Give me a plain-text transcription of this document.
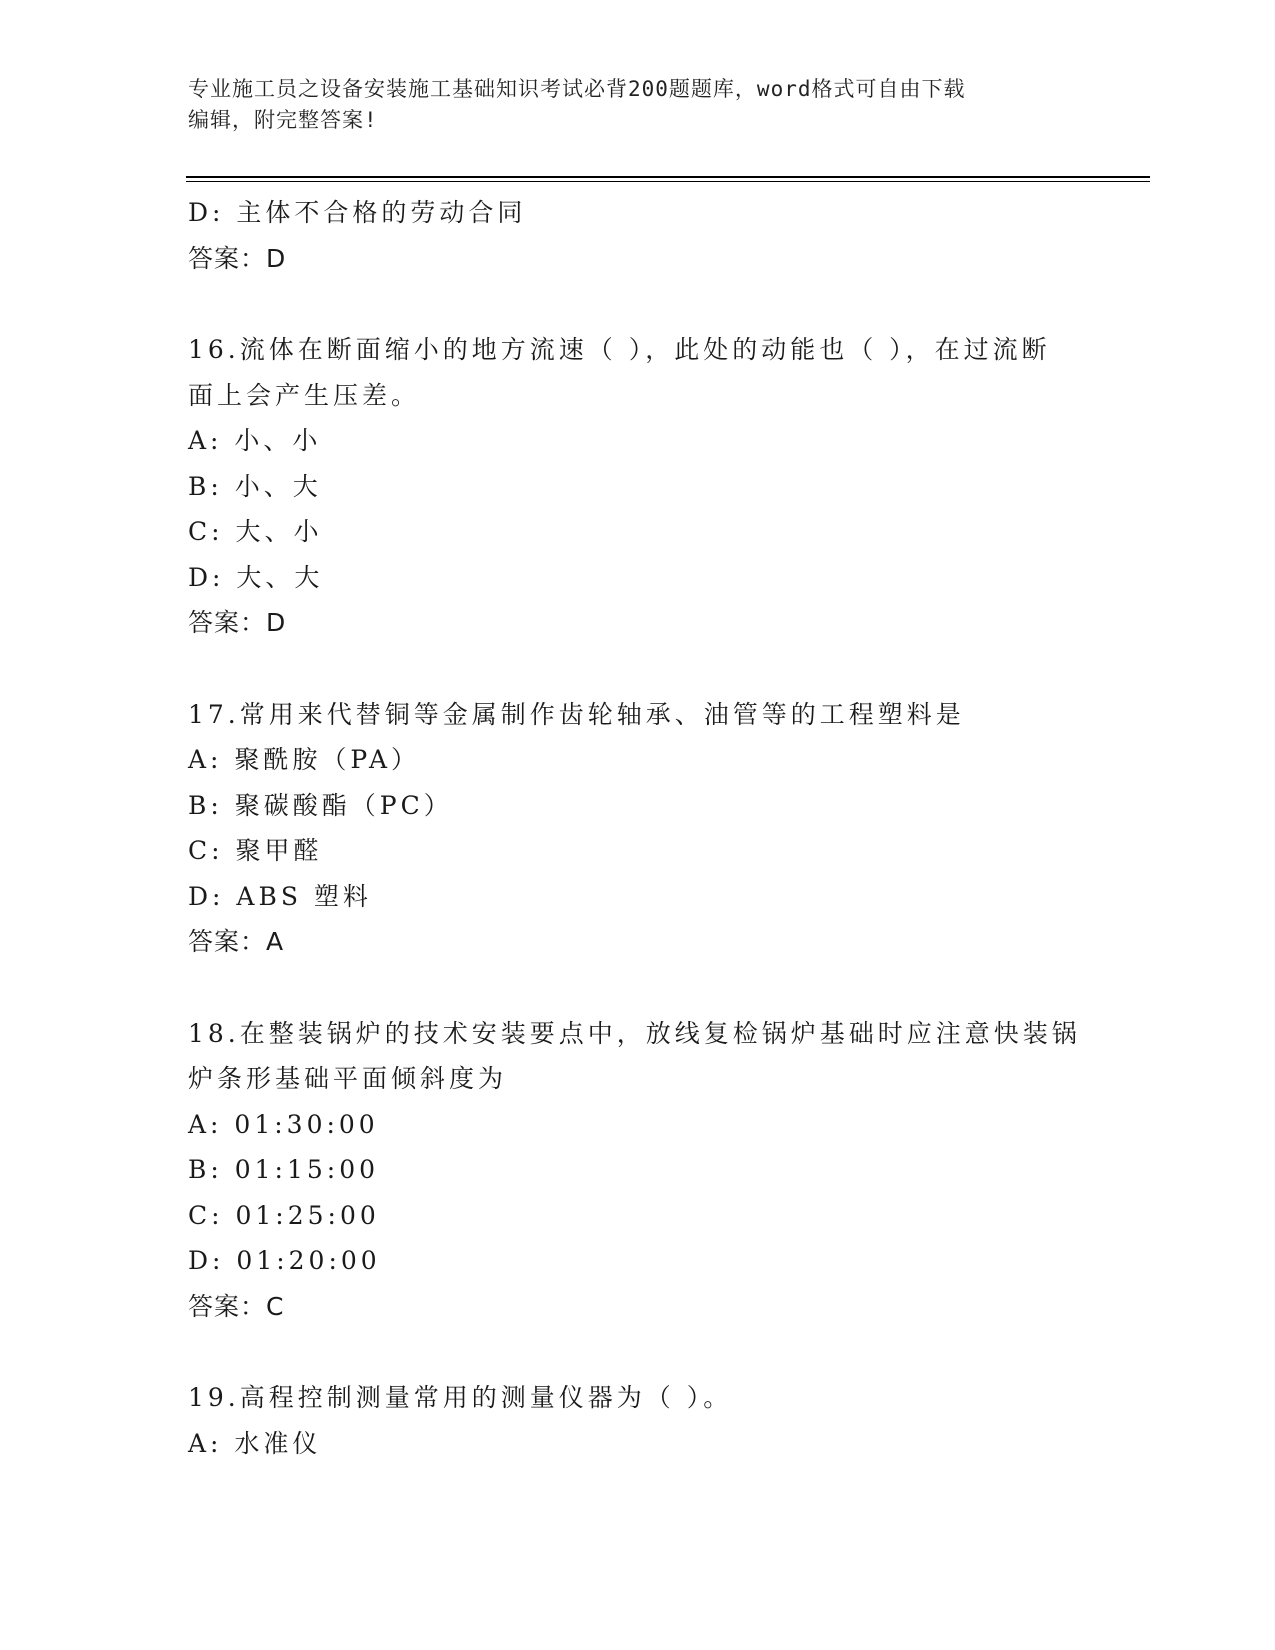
专业施工员之设备安装施工基础知识考试必背200题题库，word格式可自由下载
编辑，附完整答案!
D: 主体不合格的劳动合同
答案：D
16.流体在断面缩小的地方流速（ ），此处的动能也（ ），在过流断
面上会产生压差。
A: 小、小
B: 小、大
C: 大、小
D: 大、大
答案：D
17.常用来代替铜等金属制作齿轮轴承、油管等的工程塑料是
A: 聚酰胺（PA）
B: 聚碳酸酯（PC）
C: 聚甲醛
D: ABS 塑料
答案：A
18.在整装锅炉的技术安装要点中，放线复检锅炉基础时应注意快装锅
炉条形基础平面倾斜度为
A: 01:30:00
B: 01:15:00
C: 01:25:00
D: 01:20:00
答案：C
19.高程控制测量常用的测量仪器为（ ）。
A: 水准仪
